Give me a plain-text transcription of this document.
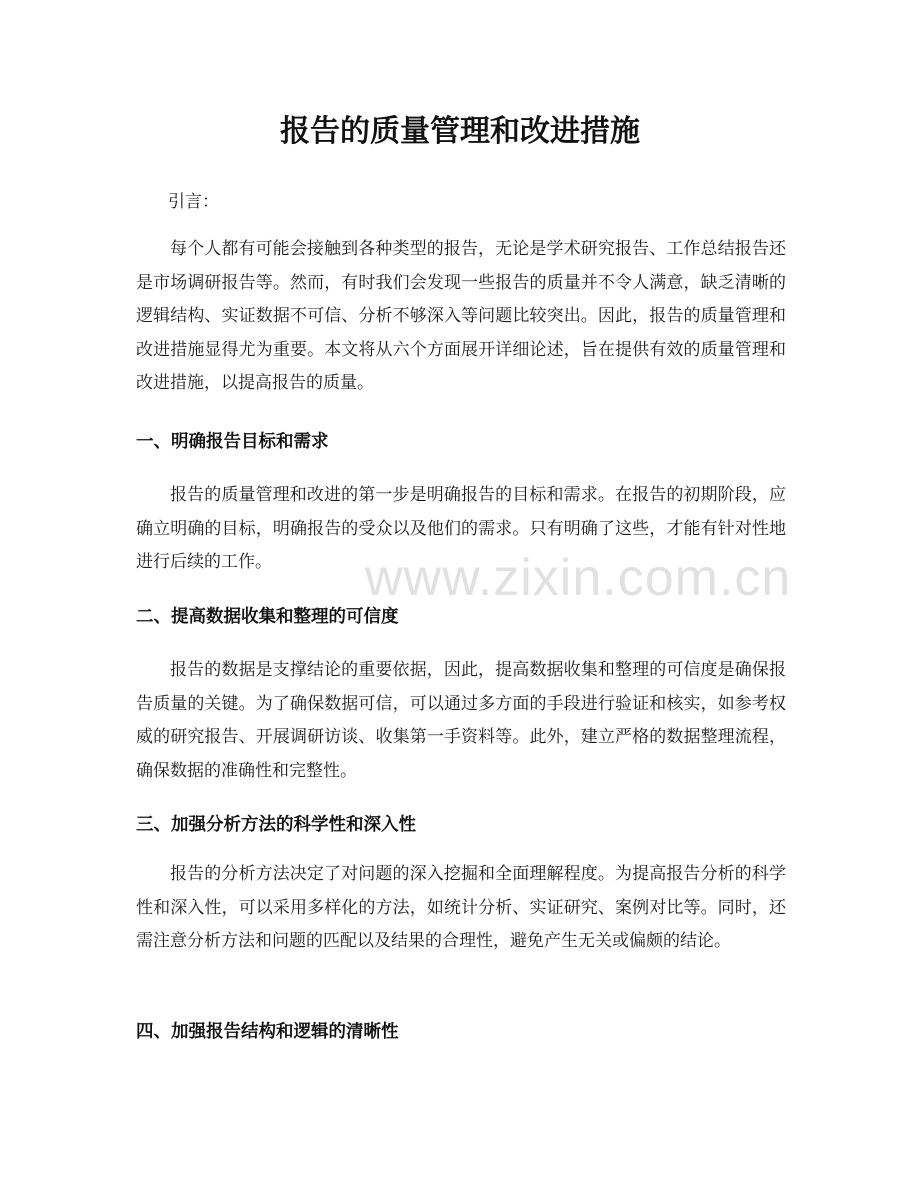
报告的质量管理和改进措施
引言：

每个人都有可能会接触到各种类型的报告，无论是学术研究报告、工作总结报告还是市场调研报告等。然而，有时我们会发现一些报告的质量并不令人满意，缺乏清晰的逻辑结构、实证数据不可信、分析不够深入等问题比较突出。因此，报告的质量管理和改进措施显得尤为重要。本文将从六个方面展开详细论述，旨在提供有效的质量管理和改进措施，以提高报告的质量。

一、明确报告目标和需求

报告的质量管理和改进的第一步是明确报告的目标和需求。在报告的初期阶段，应确立明确的目标，明确报告的受众以及他们的需求。只有明确了这些，才能有针对性地进行后续的工作。

二、提高数据收集和整理的可信度

报告的数据是支撑结论的重要依据，因此，提高数据收集和整理的可信度是确保报告质量的关键。为了确保数据可信，可以通过多方面的手段进行验证和核实，如参考权威的研究报告、开展调研访谈、收集第一手资料等。此外，建立严格的数据整理流程，确保数据的准确性和完整性。

三、加强分析方法的科学性和深入性

报告的分析方法决定了对问题的深入挖掘和全面理解程度。为提高报告分析的科学性和深入性，可以采用多样化的方法，如统计分析、实证研究、案例对比等。同时，还需注意分析方法和问题的匹配以及结果的合理性，避免产生无关或偏颇的结论。

四、加强报告结构和逻辑的清晰性
www.zixin.com.cn
